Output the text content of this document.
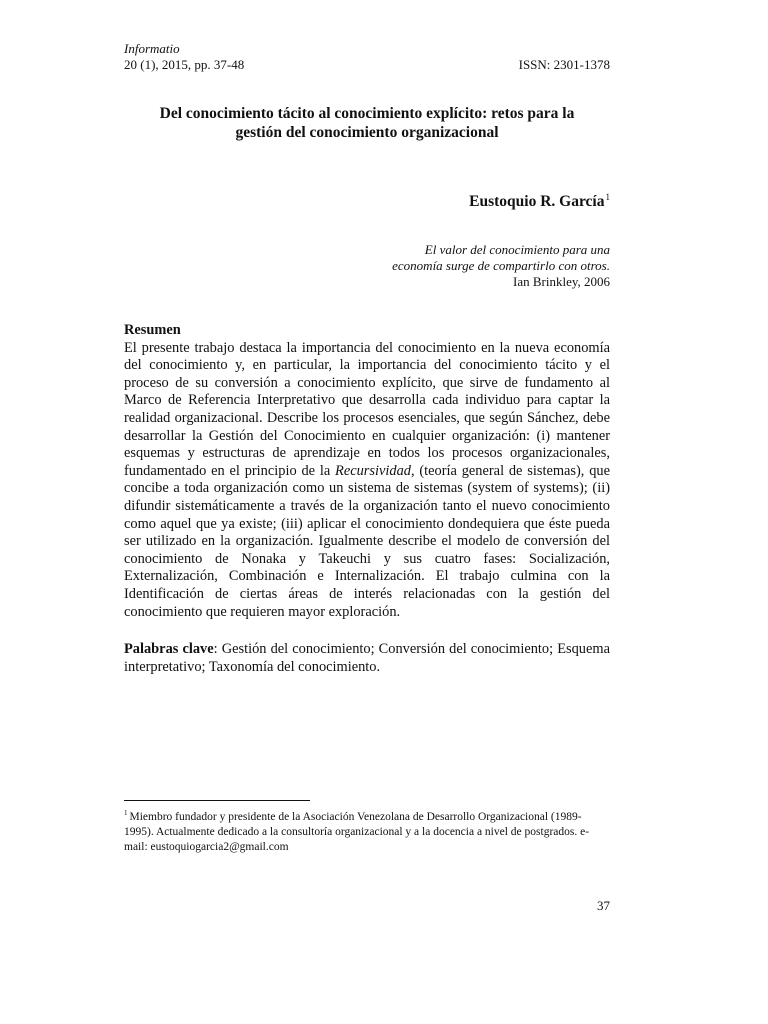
Informatio
20 (1), 2015, pp. 37-48	ISSN: 2301-1378
Del conocimiento tácito al conocimiento explícito: retos para la
gestión del conocimiento organizacional
Eustoquio R. García$^1$
El valor del conocimiento para una
economía surge de compartirlo con otros.
Ian Brinkley, 2006
Resumen
El presente trabajo destaca la importancia del conocimiento en la nueva economía del conocimiento y, en particular, la importancia del conocimiento tácito y el proceso de su conversión a conocimiento explícito, que sirve de fundamento al Marco de Referencia Interpretativo que desarrolla cada individuo para captar la realidad organizacional. Describe los procesos esenciales, que según Sánchez, debe desarrollar la Gestión del Conocimiento en cualquier organización: (i) mantener esquemas y estructuras de aprendizaje en todos los procesos organizacionales, fundamentado en el principio de la Recursividad, (teoría general de sistemas), que concibe a toda organización como un sistema de sistemas (system of systems); (ii) difundir sistemáticamente a través de la organización tanto el nuevo conocimiento como aquel que ya existe; (iii) aplicar el conocimiento dondequiera que éste pueda ser utilizado en la organización. Igualmente describe el modelo de conversión del conocimiento de Nonaka y Takeuchi y sus cuatro fases: Socialización, Externalización, Combinación e Internalización. El trabajo culmina con la Identificación de ciertas áreas de interés relacionadas con la gestión del conocimiento que requieren mayor exploración.
Palabras clave: Gestión del conocimiento; Conversión del conocimiento; Esquema interpretativo; Taxonomía del conocimiento.
$^1$ Miembro fundador y presidente de la Asociación Venezolana de Desarrollo Organizacional (1989-1995). Actualmente dedicado a la consultoría organizacional y a la docencia a nivel de postgrados. e-mail: eustoquiogarcia2@gmail.com
37
